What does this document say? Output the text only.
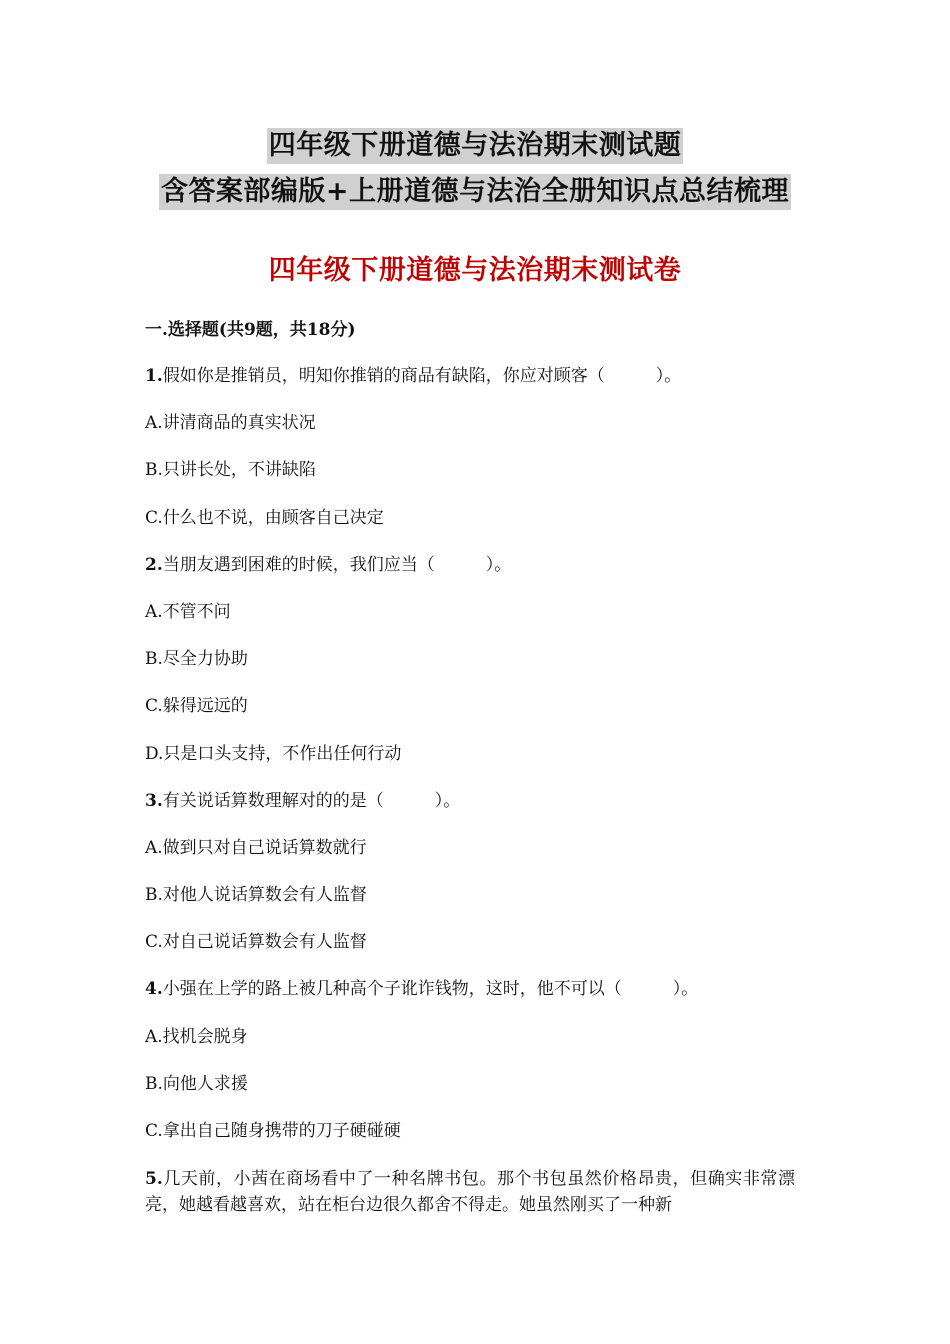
四年级下册道德与法治期末测试题
含答案部编版+上册道德与法治全册知识点总结梳理
四年级下册道德与法治期末测试卷
一.选择题(共9题，共18分)
1.假如你是推销员，明知你推销的商品有缺陷，你应对顾客（　　　）。
A.讲清商品的真实状况
B.只讲长处，不讲缺陷
C.什么也不说，由顾客自己决定
2.当朋友遇到困难的时候，我们应当（　　　）。
A.不管不问
B.尽全力协助
C.躲得远远的
D.只是口头支持，不作出任何行动
3.有关说话算数理解对的的是（　　　）。
A.做到只对自己说话算数就行
B.对他人说话算数会有人监督
C.对自己说话算数会有人监督
4.小强在上学的路上被几种高个子讹诈钱物，这时，他不可以（　　　）。
A.找机会脱身
B.向他人求援
C.拿出自己随身携带的刀子硬碰硬
5.几天前，小茜在商场看中了一种名牌书包。那个书包虽然价格昂贵，但确实非常漂亮，她越看越喜欢，站在柜台边很久都舍不得走。她虽然刚买了一种新
